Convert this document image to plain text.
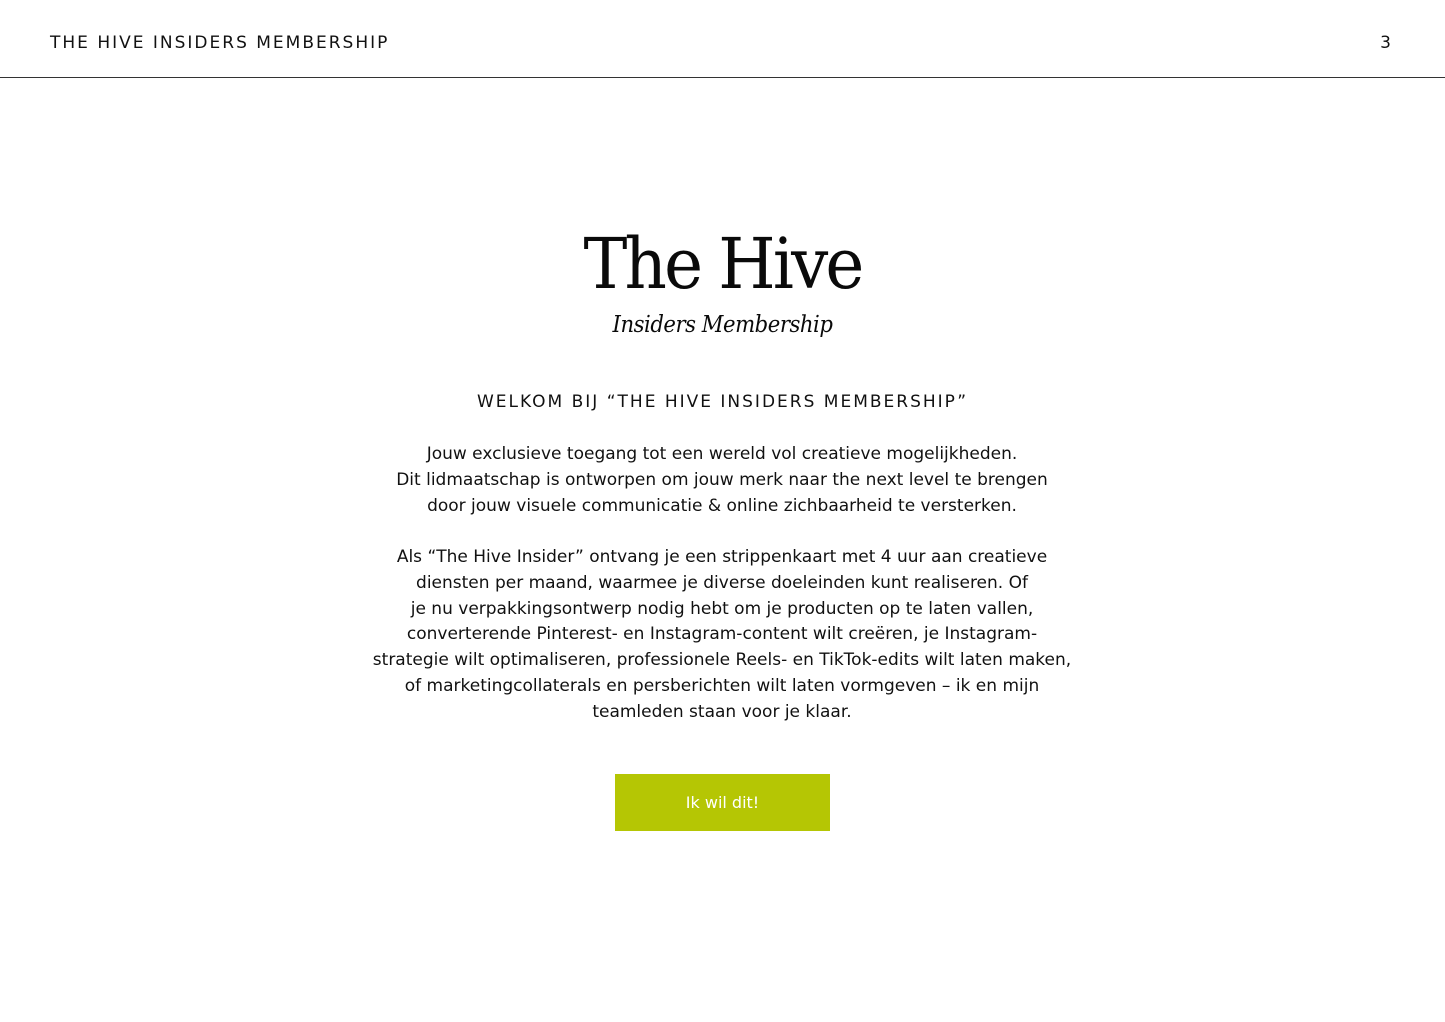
THE HIVE INSIDERS MEMBERSHIP	3
The Hive
Insiders Membership
WELKOM BIJ “THE HIVE INSIDERS MEMBERSHIP”
Jouw exclusieve toegang tot een wereld vol creatieve mogelijkheden.
Dit lidmaatschap is ontworpen om jouw merk naar the next level te brengen
door jouw visuele communicatie & online zichbaarheid te versterken.
Als “The Hive Insider” ontvang je een strippenkaart met 4 uur aan creatieve
diensten per maand, waarmee je diverse doeleinden kunt realiseren. Of
je nu verpakkingsontwerp nodig hebt om je producten op te laten vallen,
converterende Pinterest- en Instagram-content wilt creëren, je Instagram-
strategie wilt optimaliseren, professionele Reels- en TikTok-edits wilt laten maken,
of marketingcollaterals en persberichten wilt laten vormgeven – ik en mijn
teamleden staan voor je klaar.
Ik wil dit!
